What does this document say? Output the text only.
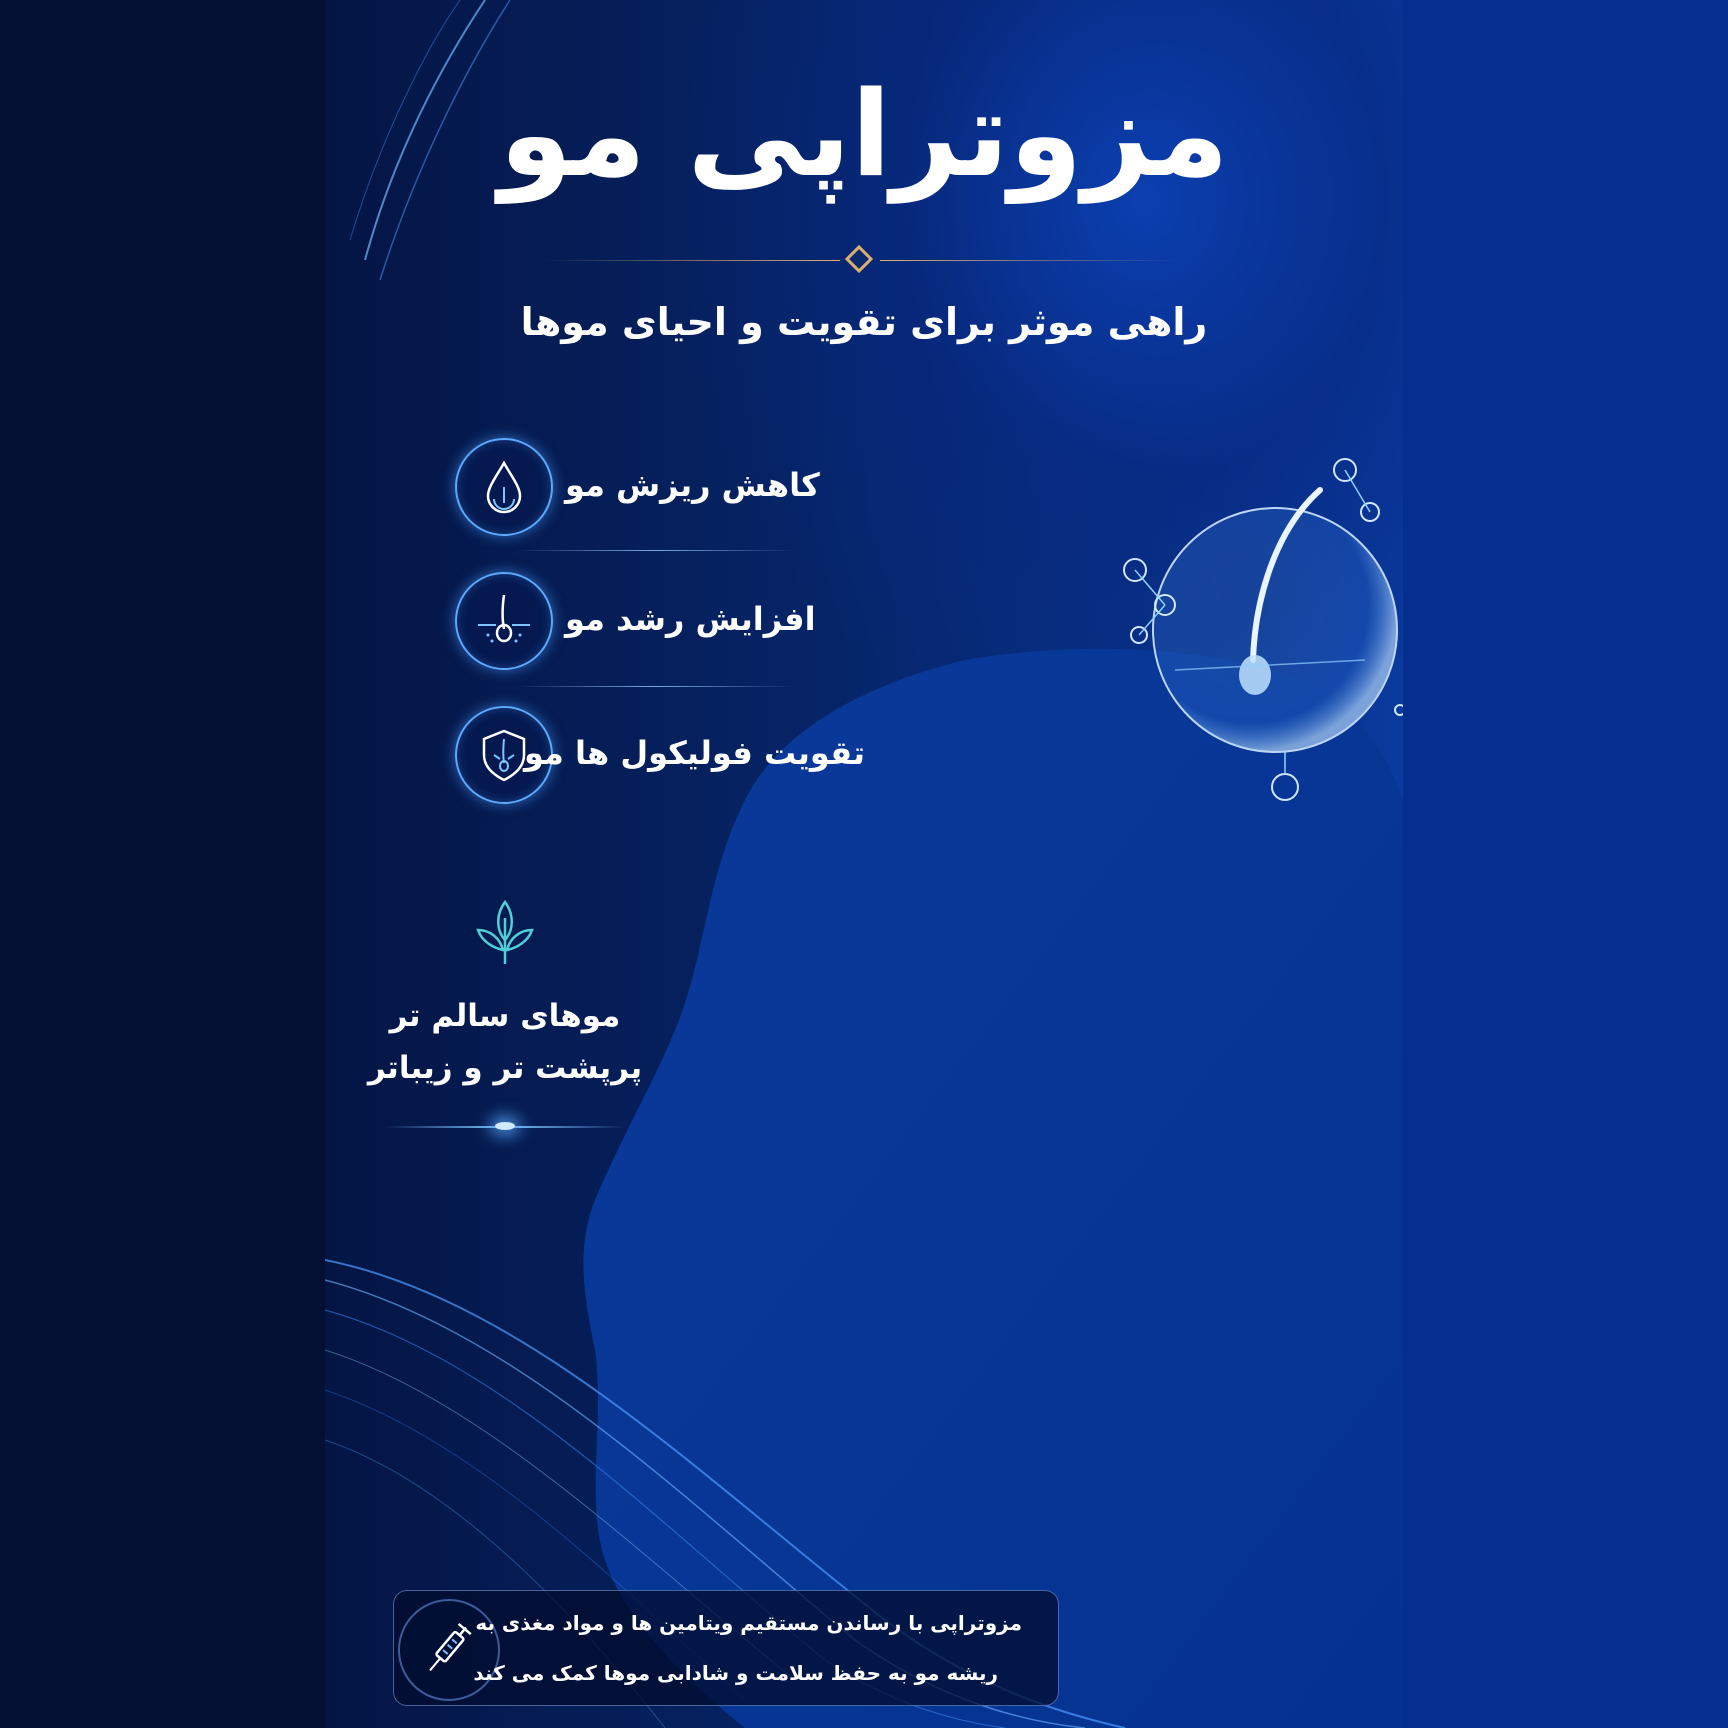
مزوتراپی مو
راهی موثر برای تقویت و احیای موها
کاهش ریزش مو
افزایش رشد مو
تقویت فولیکول ها مو
موهای سالم تر
پرپشت تر و زیباتر
مزوتراپی با رساندن مستقیم ویتامین ها و مواد مغذی به
ریشه مو به حفظ سلامت و شادابی موها کمک می کند
